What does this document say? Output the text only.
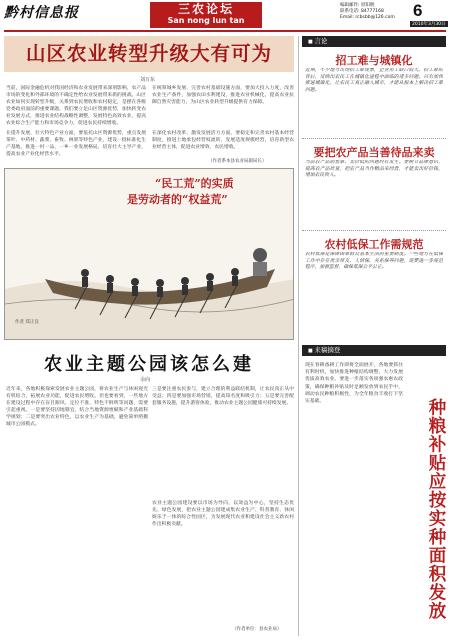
黔村信息报	三农论坛
San nong lun tan
编辑邮件: 原阳帆
联系电话: 84777168
Email: rcbsbb@126.com 6
2010年3月30日
山区农业转型升级大有可为
刘万东

当前，国际金融危机对我国经济和农业发展带来深刻影响，农产品市场的变化和外部环境的不确定性给农业发展带来新的挑战。山区农业如何实现转型升级，关系到农民增收和农村稳定，是摆在各级党委政府面前的重要课题。我们要立足山区资源优势，加快转变农业发展方式，推进农业结构战略性调整，发展特色高效农业，提高农业综合生产能力和市场竞争力，促进农民持续增收。

在提升发展、壮大特色产业方面，要依托山区资源优势，重点发展茶叶、中药材、蔬菜、畜牧、林果等特色产业，建设一批标准化生产基地，推进一村一品、一乡一业发展格局，培育壮大主导产业，提高农业产业化经营水平。

在统筹城乡发展、完善农村基础设施方面，要加大投入力度，改善农业生产条件，加强农田水利建设，推进农业机械化，提高农业抗御自然灾害能力，为山区农业转型升级提供有力保障。

在深化农村改革、激发发展活力方面，要稳定和完善农村基本经营制度，推进土地承包经营权流转，发展适度规模经营，培育新型农业经营主体，促进农业增效、农民增收。

（作者系本县农业局副局长）
“民工荒”的实质
是劳动者的“权益荒”
作者 郑正良
农业主题公园该怎么建
余向

近年来，各地积极探索发展农业主题公园，将农业生产与休闲观光有机结合，拓展农业功能，促进农民增收。但也要看到，一些地方在建设过程中存在盲目跟风、定位不准、特色不鲜明等问题，需要引起重视。一是要坚持因地制宜，结合当地资源禀赋和产业基础科学规划；二是要突出农业特色，以农业生产为基础，避免简单照搬城市公园模式。

三是要注重农民参与，建立合理的利益联结机制，让农民真正从中受益；四是要加强市场营销，提高知名度和吸引力；五是要完善配套服务设施，提升游客体验，推动农业主题公园健康可持续发展。

农业主题公园建设要以市场为导向，以效益为中心，坚持生态优先、绿色发展，把农业主题公园建成集农业生产、科普教育、休闲娱乐于一体的综合性园区，为发展现代农业和建设社会主义新农村作出积极贡献。

（作者单位：县农业局）
■ 言论
招工难与城镇化

近期，不少地方出现招工难现象，企业用工缺口较大。招工难的背后，反映出农民工在城镇化进程中面临的诸多问题。只有加快推进城镇化，让农民工真正融入城市，才能从根本上解决招工难问题。

要把农产品当善待品来卖

当前农产品销售难、卖价低的问题时有发生。要树立品牌意识，提高农产品质量，把农产品当作精品来经营，才能卖出好价钱，增加农民收入。

农村低保工作需规范

农村低保是保障困难群众基本生活的重要制度。一些地方在低保工作中存在优亲厚友、人情保、关系保等问题，需要进一步规范程序，加强监督，确保低保公平公正。

■ 来稿摘登

现在春耕备耕工作即将全面展开，各地要抓住有利时机，加快推进种植结构调整，大力发展优质高效农业。要进一步落实各项强农惠农政策，确保种粮补贴及时足额发放到农民手中，调动农民种粮积极性，为全年粮食丰收打下坚实基础。	种粮补贴应按实种面积发放
